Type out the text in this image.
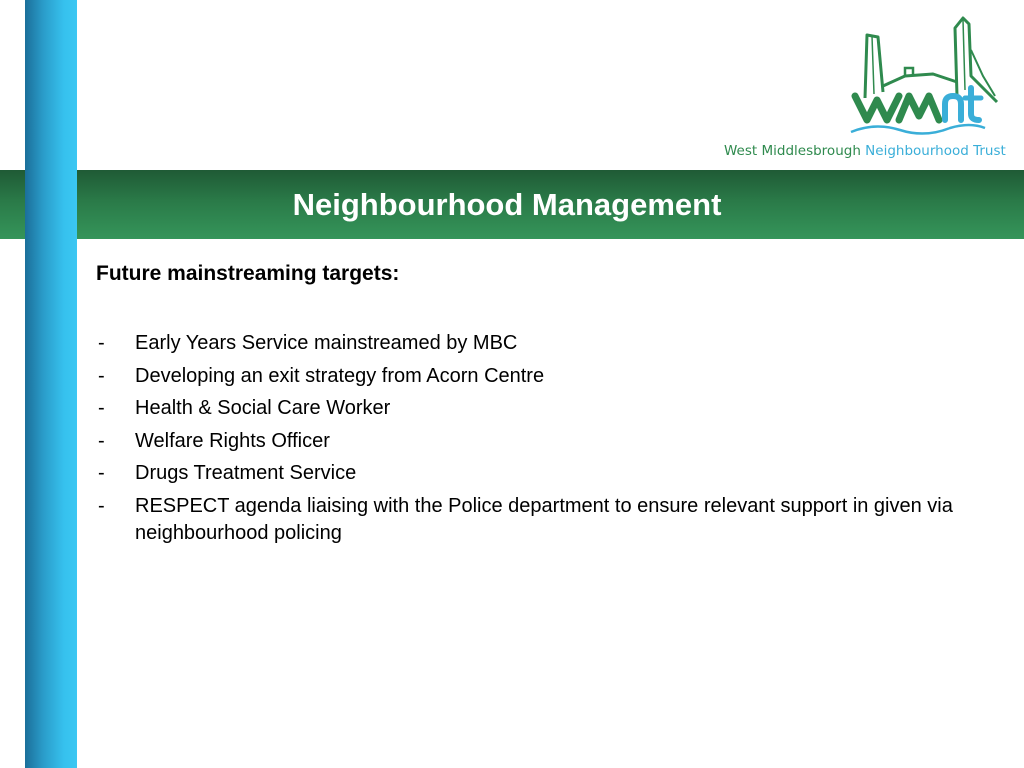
Neighbourhood Management
West Middlesbrough Neighbourhood Trust

Future mainstreaming targets:

- Early Years Service mainstreamed by MBC
- Developing an exit strategy from Acorn Centre
- Health & Social Care Worker
- Welfare Rights Officer
- Drugs Treatment Service
- RESPECT agenda liaising with the Police department to ensure relevant support in given via neighbourhood policing
